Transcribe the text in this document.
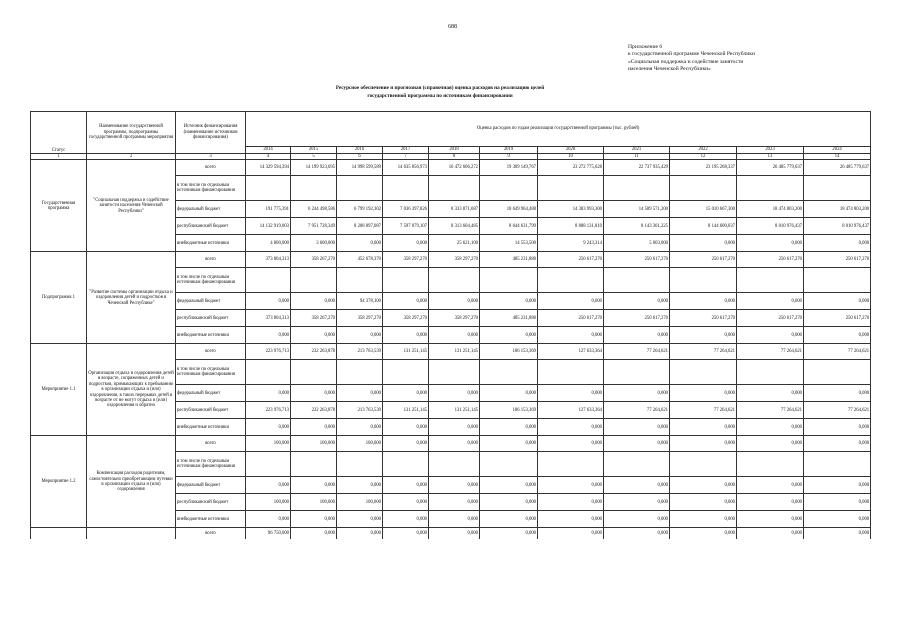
688
Приложение 6
к государственной программе Чеченской Республики
«Социальная поддержка и содействие занятости
населения Чеченской Республики»
Ресурсное обеспечение и прогнозная (справочная) оценка расходов на реализацию целей
государственной программы по источникам финансирования
Статус	Наименование государственной программы, подпрограммы государственной программы мероприятия	Источник финансирования (наименование источников финансирования)	Оценка расходов по годам реализации государственной программы (тыс. рублей)										
			2014	2015	2016	2017	2018	2019	2020	2021	2022	2023	2024
1	2	3	4	5	6	7	8	9	10	11	12	13	14
Государственная программа	"Социальная поддержка и содействие занятости населения Чеченской Республики"	всего	14 329 594,394	14 199 923,695	14 998 599,589	14 635 856,973	16 472 606,272	19 309 149,767	23 272 775,628	22 737 935,429	23 195 268,337	26 485 779,637	26 485 779,637
		в том числе по отдельным источникам финансирования											
		федеральный бюджет	191 775,391	6 244 498,586	6 799 192,302	7 036 397,826	8 333 871,687	10 649 964,488	14 383 993,300	14 589 571,200	15 010 667,300	18 474 803,200	18 474 803,200
		республиканский бюджет	14 132 919,003	7 951 728,349	8 208 897,087	7 597 079,107	8 313 604,485	8 644 631,799	8 888 131,810	8 143 361,225	8 144 600,037	8 010 976,437	8 010 976,437
		внебюджетные источники	4 800,000	3 600,000	0,000	0,000	25 621,100	14 553,500	9 243,314	5 003,000	0,000	0,000	0,000
Подпрограмма 1	"Развитие системы организации отдыха и оздоровления детей и подростков в Чеченской Республике"	всего	373 804,313	358 267,270	452 678,370	358 297,270	358 297,270	485 231,880	250 617,270	250 617,270	250 617,270	250 617,270	250 617,270
		в том числе по отдельным источникам финансирования											
		федеральный бюджет	0,000	0,000	94 378,100	0,000	0,000	0,000	0,000	0,000	0,000	0,000	0,000
		республиканский бюджет	373 804,313	358 267,270	358 297,270	358 297,270	358 297,270	485 231,880	250 617,270	250 617,270	250 617,270	250 617,270	250 617,270
		внебюджетные источники	0,000	0,000	0,000	0,000	0,000	0,000	0,000	0,000	0,000	0,000	0,000
Мероприятие 1.1	Организация отдыха и оздоровления детей в возрасте, сопряженных детей и подростков, примыкающих к пребыванию в организации отдыха и (или) оздоровления, в таких перерывах детей в возрасте от не могут отдыха и (или) оздоровления и обратно	всего	223 976,713	232 263,878	213 763,539	131 251,145	131 251,145	186 153,369	127 633,364	77 264,621	77 264,621	77 264,621	77 264,621
		в том числе по отдельным источникам финансирования											
		федеральный бюджет	0,000	0,000	0,000	0,000	0,000	0,000	0,000	0,000	0,000	0,000	0,000
		республиканский бюджет	223 976,713	232 263,878	213 763,539	131 251,145	131 251,145	186 153,369	127 633,364	77 264,621	77 264,621	77 264,621	77 264,621
		внебюджетные источники	0,000	0,000	0,000	0,000	0,000	0,000	0,000	0,000	0,000	0,000	0,000
Мероприятие 1.2	Компенсация расходов родителям, самостоятельно приобретающим путевки в организации отдыха и (или) оздоровления	всего	100,000	100,000	100,000	0,000	0,000	0,000	0,000	0,000	0,000	0,000	0,000
		в том числе по отдельным источникам финансирования											
		федеральный бюджет	0,000	0,000	0,000	0,000	0,000	0,000	0,000	0,000	0,000	0,000	0,000
		республиканский бюджет	100,000	100,000	100,000	0,000	0,000	0,000	0,000	0,000	0,000	0,000	0,000
		внебюджетные источники	0,000	0,000	0,000	0,000	0,000	0,000	0,000	0,000	0,000	0,000	0,000
		всего	96 750,000	0,000	0,000	0,000	0,000	0,000	0,000	0,000	0,000	0,000	0,000
